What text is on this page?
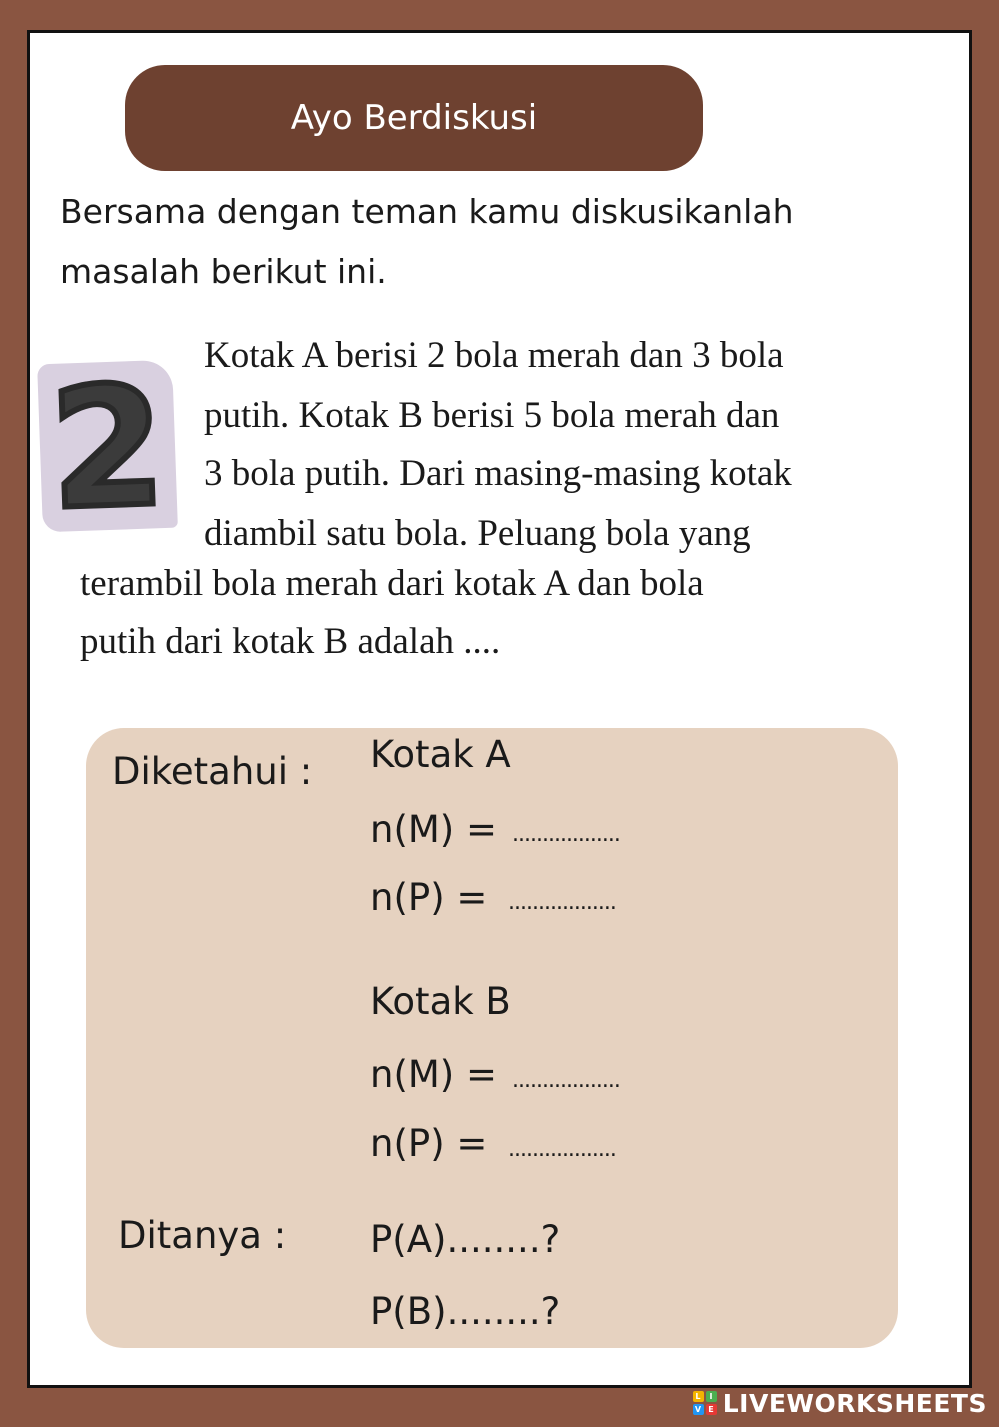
Ayo Berdiskusi
Bersama dengan teman kamu diskusikanlah
masalah berikut ini.
2 Kotak A berisi 2 bola merah dan 3 bola
putih. Kotak B berisi 5 bola merah dan
3 bola putih. Dari masing-masing kotak
diambil satu bola. Peluang bola yang
terambil bola merah dari kotak A dan bola
putih dari kotak B adalah ....
Diketahui : Kotak A
n(M) = ..................
n(P) = ..................
Kotak B
n(M) = ..................
n(P) = ..................
Ditanya : P(A)........?
P(B)........?
L	I
V E LIVEWORKSHEETS
